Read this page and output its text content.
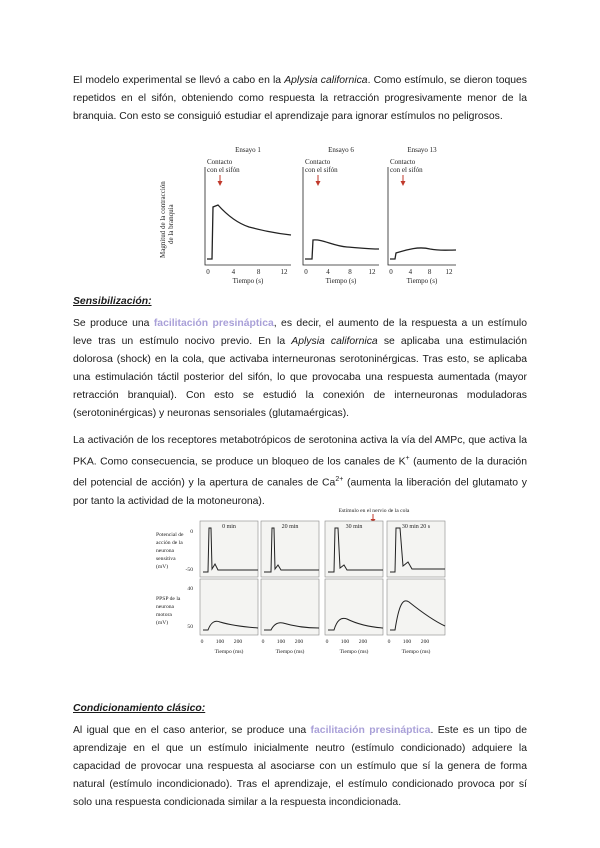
El modelo experimental se llevó a cabo en la Aplysia californica. Como estímulo, se dieron toques repetidos en el sifón, obteniendo como respuesta la retracción progresivamente menor de la branquia. Con esto se consiguió estudiar el aprendizaje para ignorar estímulos no peligrosos.

Magnitud de la contracción de la branquia
Ensayo 1
Contacto
con el sifón
0	4	8	12
Tiempo (s)
Ensayo 6
Contacto
con el sifón
0	4	8 12
Tiempo (s)
Ensayo 13
Contacto
con el sifón
0 4 8 12
Tiempo (s)

Sensibilización:

Se produce una facilitación presináptica, es decir, el aumento de la respuesta a un estímulo leve tras un estímulo nocivo previo. En la Aplysia californica se aplicaba una estimulación dolorosa (shock) en la cola, que activaba interneuronas serotoninérgicas. Tras esto, se aplicaba una estimulación táctil posterior del sifón, lo que provocaba una respuesta aumentada (mayor retracción branquial). Con esto se estudió la conexión de interneuronas moduladoras (serotoninérgicas) y neuronas sensoriales (glutamaérgicas).

La activación de los receptores metabotrópicos de serotonina activa la vía del AMPc, que activa la PKA. Como consecuencia, se produce un bloqueo de los canales de K+ (aumento de la duración del potencial de acción) y la apertura de canales de $Ca^{2+}$ (aumenta la liberación del glutamato y por tanto la actividad de la motoneurona).

Potencial de
acción de la
neurona
sensitiva
(mV)
PPSP de la
neurona
motora
(mV)
0
-50
40
50
Estímulo en el nervio de la cola
0 min
0 100 200
Tiempo (ms)
20 min
0 100 200
Tiempo (ms)
30 min
0 100 200
Tiempo (ms)
30 min 20 s
0 100 200
Tiempo (ms)

Condicionamiento clásico:

Al igual que en el caso anterior, se produce una facilitación presináptica. Este es un tipo de aprendizaje en el que un estímulo inicialmente neutro (estímulo condicionado) adquiere la capacidad de provocar una respuesta al asociarse con un estímulo que sí la genera de forma natural (estímulo incondicionado). Tras el aprendizaje, el estímulo condicionado provoca por sí solo una respuesta condicionada similar a la respuesta incondicionada.
